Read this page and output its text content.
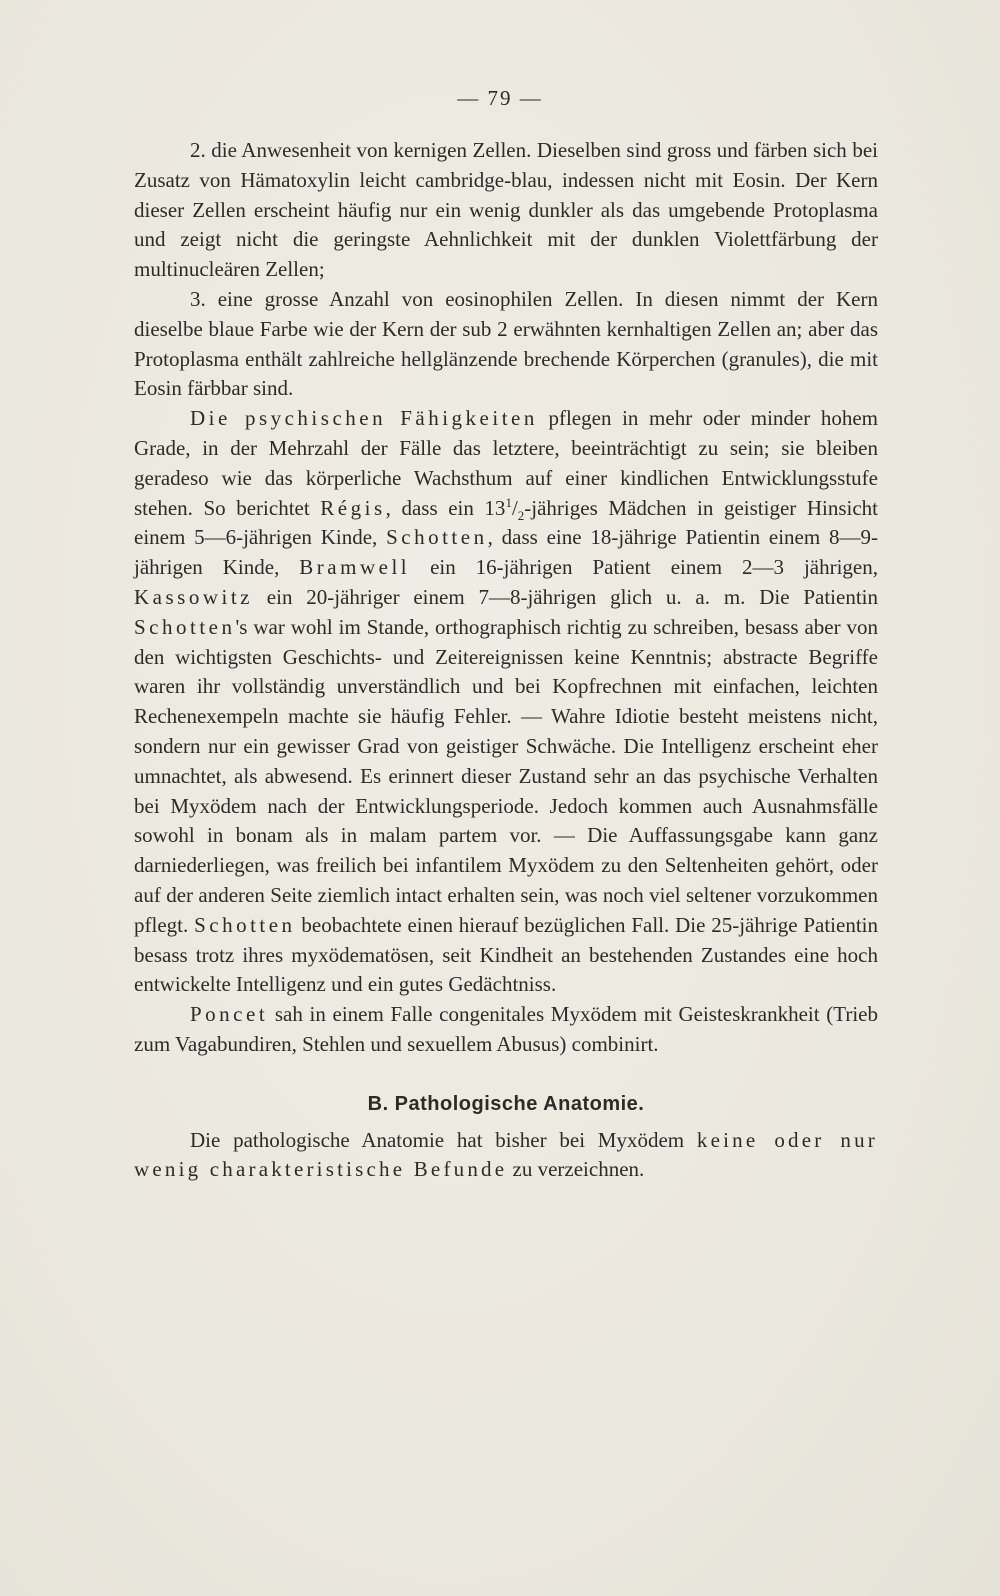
— 79 —

2. die Anwesenheit von kernigen Zellen. Dieselben sind gross und färben sich bei Zusatz von Hämatoxylin leicht cambridge-blau, indessen nicht mit Eosin. Der Kern dieser Zellen erscheint häufig nur ein wenig dunkler als das umgebende Protoplasma und zeigt nicht die geringste Aehnlichkeit mit der dunklen Violettfärbung der multinucleären Zellen;

3. eine grosse Anzahl von eosinophilen Zellen. In diesen nimmt der Kern dieselbe blaue Farbe wie der Kern der sub 2 erwähnten kernhaltigen Zellen an; aber das Protoplasma enthält zahlreiche hellglänzende brechende Körperchen (granules), die mit Eosin färbbar sind.

Die psychischen Fähigkeiten pflegen in mehr oder minder hohem Grade, in der Mehrzahl der Fälle das letztere, beeinträchtigt zu sein; sie bleiben geradeso wie das körperliche Wachsthum auf einer kindlichen Entwicklungsstufe stehen. So berichtet Régis, dass ein $13^1/_2$-jähriges Mädchen in geistiger Hinsicht einem 5—6-jährigen Kinde, Schotten, dass eine 18-jährige Patientin einem 8—9-jährigen Kinde, Bramwell ein 16-jährigen Patient einem 2—3 jährigen, Kassowitz ein 20-jähriger einem 7—8-jährigen glich u. a. m. Die Patientin Schotten's war wohl im Stande, orthographisch richtig zu schreiben, besass aber von den wichtigsten Geschichts- und Zeitereignissen keine Kenntnis; abstracte Begriffe waren ihr vollständig unverständlich und bei Kopfrechnen mit einfachen, leichten Rechenexempeln machte sie häufig Fehler. — Wahre Idiotie besteht meistens nicht, sondern nur ein gewisser Grad von geistiger Schwäche. Die Intelligenz erscheint eher umnachtet, als abwesend. Es erinnert dieser Zustand sehr an das psychische Verhalten bei Myxödem nach der Entwicklungsperiode. Jedoch kommen auch Ausnahmsfälle sowohl in bonam als in malam partem vor. — Die Auffassungsgabe kann ganz darniederliegen, was freilich bei infantilem Myxödem zu den Seltenheiten gehört, oder auf der anderen Seite ziemlich intact erhalten sein, was noch viel seltener vorzukommen pflegt. Schotten beobachtete einen hierauf bezüglichen Fall. Die 25-jährige Patientin besass trotz ihres myxödematösen, seit Kindheit an bestehenden Zustandes eine hoch entwickelte Intelligenz und ein gutes Gedächtniss.

Poncet sah in einem Falle congenitales Myxödem mit Geisteskrankheit (Trieb zum Vagabundiren, Stehlen und sexuellem Abusus) combinirt.

B. Pathologische Anatomie.

Die pathologische Anatomie hat bisher bei Myxödem keine oder nur wenig charakteristische Befunde zu verzeichnen.
